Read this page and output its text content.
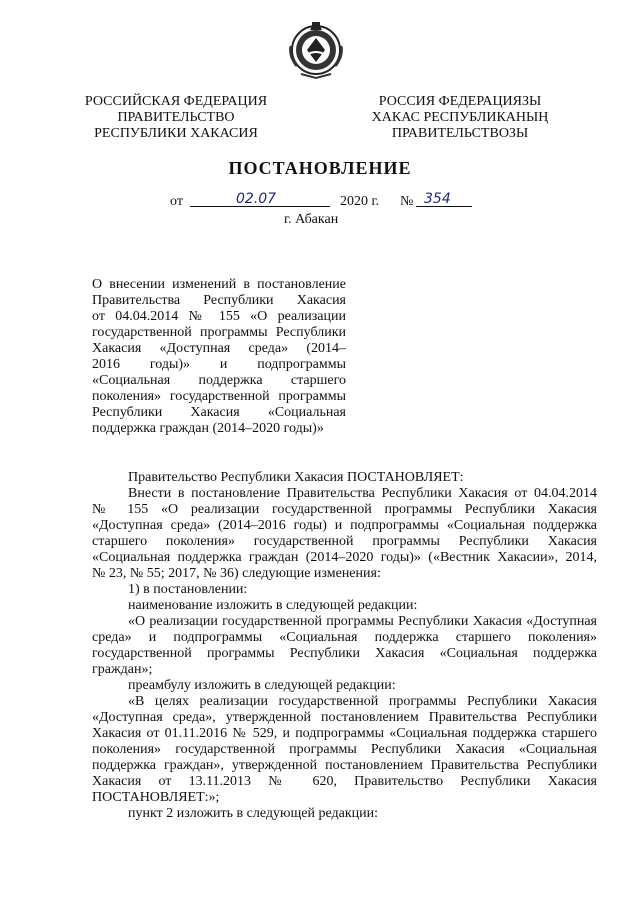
РОССИЙСКАЯ ФЕДЕРАЦИЯ
ПРАВИТЕЛЬСТВО
РЕСПУБЛИКИ ХАКАСИЯ
РОССИЯ ФЕДЕРАЦИЯЗЫ
ХАКАС РЕСПУБЛИКАНЫҢ
ПРАВИТЕЛЬСТВОЗЫ
ПОСТАНОВЛЕНИЕ
от	02.07	2020 г. № 354
г. Абакан
О внесении изменений в постановление
Правительства Республики Хакасия
от 04.04.2014 № 155 «О реализации
государственной программы Республики
Хакасия «Доступная среда» (2014–
2016 годы)» и подпрограммы
«Социальная поддержка старшего
поколения» государственной программы
Республики Хакасия «Социальная
поддержка граждан (2014–2020 годы)»
Правительство Республики Хакасия ПОСТАНОВЛЯЕТ:
Внести в постановление Правительства Республики Хакасия от 04.04.2014
№ 155 «О реализации государственной программы Республики Хакасия
«Доступная среда» (2014–2016 годы) и подпрограммы «Социальная поддержка
старшего поколения» государственной программы Республики Хакасия
«Социальная поддержка граждан (2014–2020 годы)» («Вестник Хакасии», 2014,
№ 23, № 55; 2017, № 36) следующие изменения:
1) в постановлении:
наименование изложить в следующей редакции:
«О реализации государственной программы Республики Хакасия «Доступная
среда» и подпрограммы «Социальная поддержка старшего поколения»
государственной программы Республики Хакасия «Социальная поддержка
граждан»;
преамбулу изложить в следующей редакции:
«В целях реализации государственной программы Республики Хакасия
«Доступная среда», утвержденной постановлением Правительства Республики
Хакасия от 01.11.2016 № 529, и подпрограммы «Социальная поддержка старшего
поколения» государственной программы Республики Хакасия «Социальная
поддержка граждан», утвержденной постановлением Правительства Республики
Хакасия от 13.11.2013 № 620, Правительство Республики Хакасия
ПОСТАНОВЛЯЕТ:»;
пункт 2 изложить в следующей редакции:
